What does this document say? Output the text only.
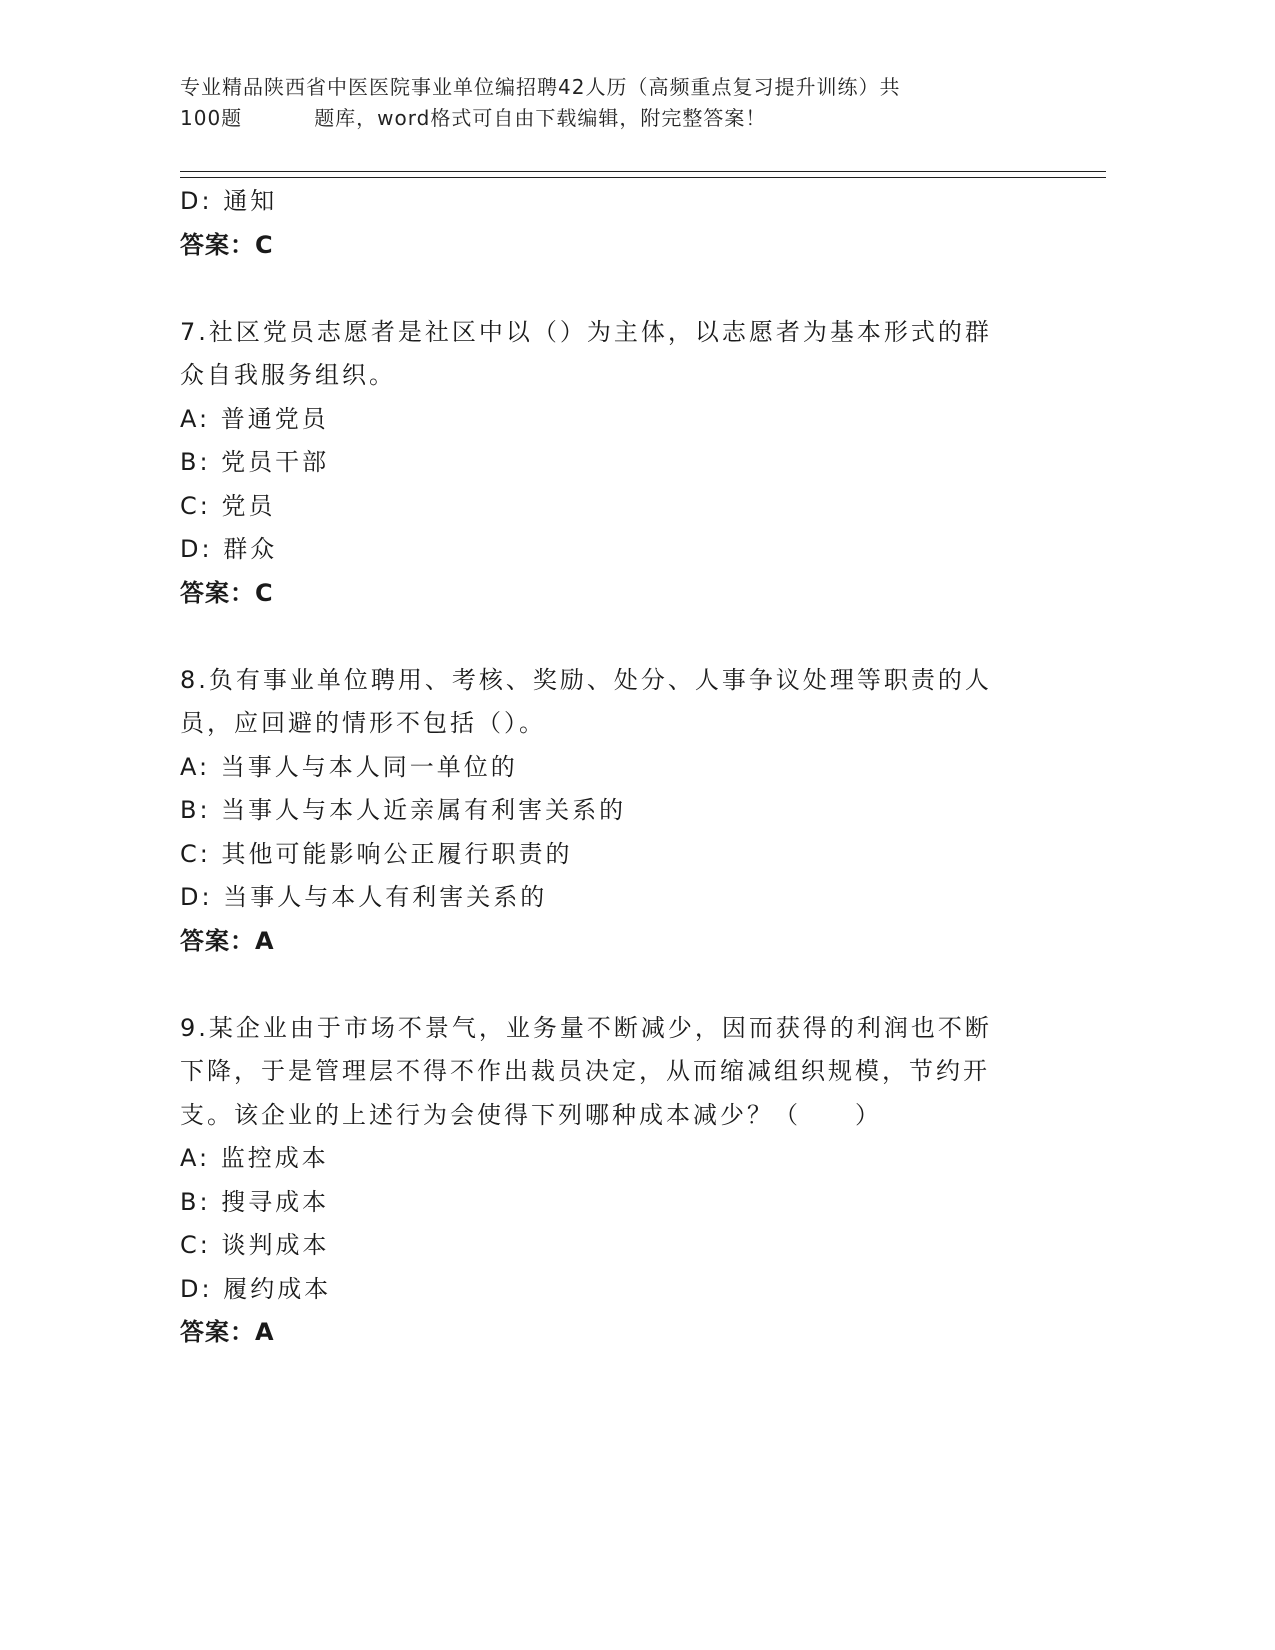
专业精品陕西省中医医院事业单位编招聘42人历（高频重点复习提升训练）共
100题	题库，word格式可自由下载编辑，附完整答案！
D: 通知
答案：C
7.社区党员志愿者是社区中以（）为主体，以志愿者为基本形式的群
众自我服务组织。
A: 普通党员
B: 党员干部
C: 党员
D: 群众
答案：C
8.负有事业单位聘用、考核、奖励、处分、人事争议处理等职责的人
员，应回避的情形不包括（）。
A: 当事人与本人同一单位的
B: 当事人与本人近亲属有利害关系的
C: 其他可能影响公正履行职责的
D: 当事人与本人有利害关系的
答案：A
9.某企业由于市场不景气，业务量不断减少，因而获得的利润也不断
下降，于是管理层不得不作出裁员决定，从而缩减组织规模，节约开
支。该企业的上述行为会使得下列哪种成本减少？（　　）
A: 监控成本
B: 搜寻成本
C: 谈判成本
D: 履约成本
答案：A
